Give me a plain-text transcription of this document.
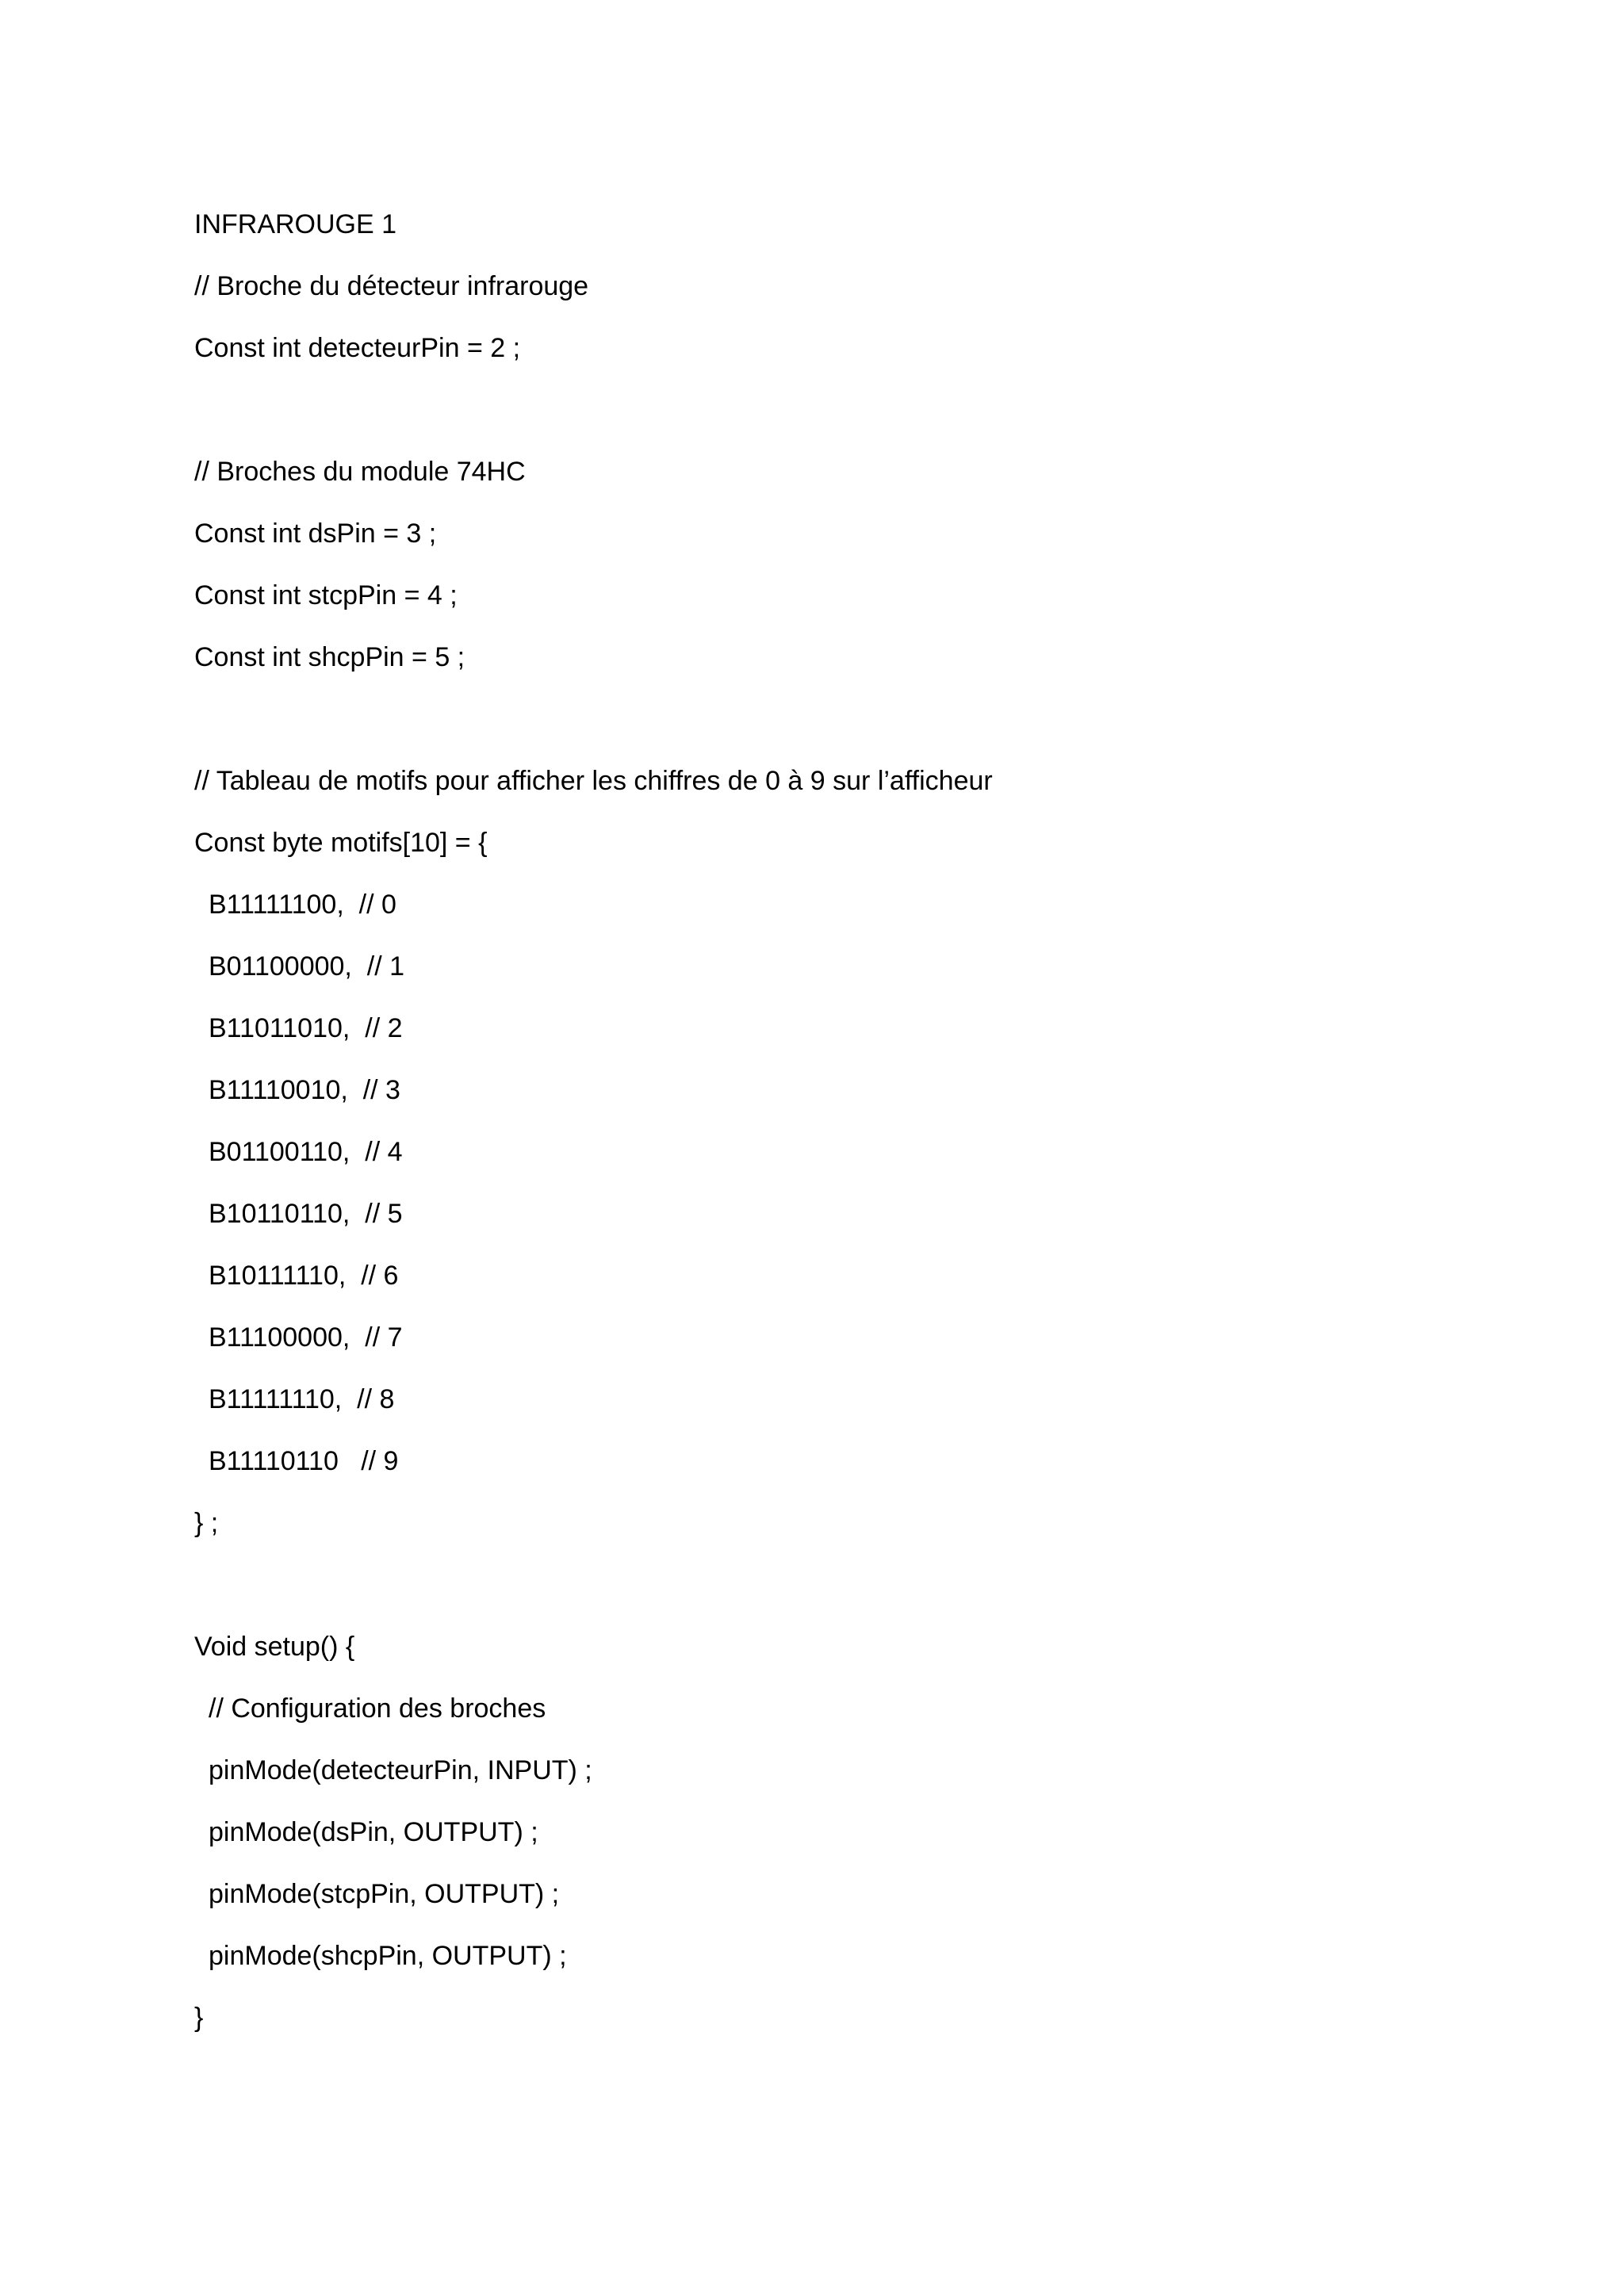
INFRAROUGE 1
// Broche du détecteur infrarouge
Const int detecteurPin = 2 ;
// Broches du module 74HC
Const int dsPin = 3 ;
Const int stcpPin = 4 ;
Const int shcpPin = 5 ;
// Tableau de motifs pour afficher les chiffres de 0 à 9 sur l’afficheur
Const byte motifs[10] = {
B11111100,  // 0
B01100000,  // 1
B11011010,  // 2
B11110010,  // 3
B01100110,  // 4
B10110110,  // 5
B10111110,  // 6
B11100000,  // 7
B11111110,  // 8
B11110110   // 9
} ;
Void setup() {
// Configuration des broches
pinMode(detecteurPin, INPUT) ;
pinMode(dsPin, OUTPUT) ;
pinMode(stcpPin, OUTPUT) ;
pinMode(shcpPin, OUTPUT) ;
}
